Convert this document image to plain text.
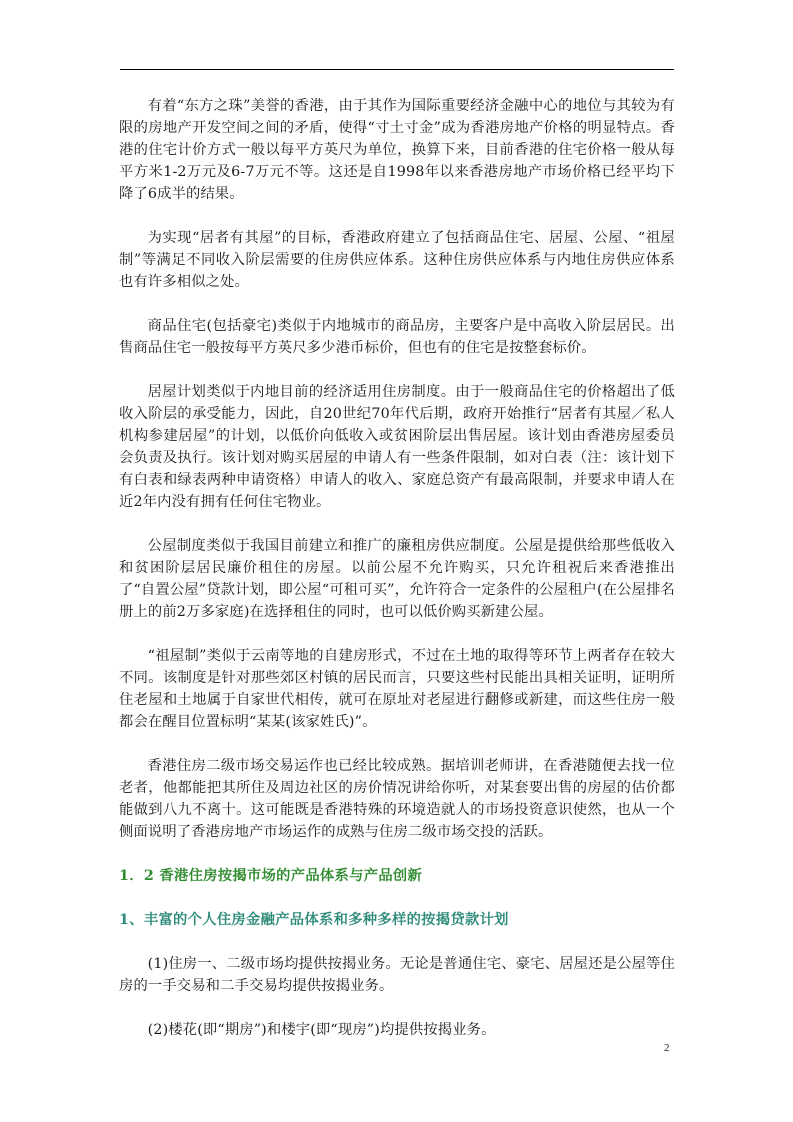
有着“东方之珠”美誉的香港，由于其作为国际重要经济金融中心的地位与其较为有限的房地产开发空间之间的矛盾，使得“寸土寸金”成为香港房地产价格的明显特点。香港的住宅计价方式一般以每平方英尺为单位，换算下来，目前香港的住宅价格一般从每平方米1-2万元及6-7万元不等。这还是自1998年以来香港房地产市场价格已经平均下降了6成半的结果。

为实现“居者有其屋”的目标，香港政府建立了包括商品住宅、居屋、公屋、“祖屋制”等满足不同收入阶层需要的住房供应体系。这种住房供应体系与内地住房供应体系也有许多相似之处。

商品住宅(包括豪宅)类似于内地城市的商品房，主要客户是中高收入阶层居民。出售商品住宅一般按每平方英尺多少港币标价，但也有的住宅是按整套标价。

居屋计划类似于内地目前的经济适用住房制度。由于一般商品住宅的价格超出了低收入阶层的承受能力，因此，自20世纪70年代后期，政府开始推行“居者有其屋／私人机构参建居屋”的计划，以低价向低收入或贫困阶层出售居屋。该计划由香港房屋委员会负责及执行。该计划对购买居屋的申请人有一些条件限制，如对白表（注：该计划下有白表和绿表两种申请资格）申请人的收入、家庭总资产有最高限制，并要求申请人在近2年内没有拥有任何住宅物业。

公屋制度类似于我国目前建立和推广的廉租房供应制度。公屋是提供给那些低收入和贫困阶层居民廉价租住的房屋。以前公屋不允许购买，只允许租祝后来香港推出了“自置公屋”贷款计划，即公屋“可租可买”，允许符合一定条件的公屋租户(在公屋排名册上的前2万多家庭)在选择租住的同时，也可以低价购买新建公屋。

“祖屋制”类似于云南等地的自建房形式，不过在土地的取得等环节上两者存在较大不同。该制度是针对那些郊区村镇的居民而言，只要这些村民能出具相关证明，证明所住老屋和土地属于自家世代相传，就可在原址对老屋进行翻修或新建，而这些住房一般都会在醒目位置标明“某某(该家姓氏)”。

香港住房二级市场交易运作也已经比较成熟。据培训老师讲，在香港随便去找一位老者，他都能把其所住及周边社区的房价情况讲给你听，对某套要出售的房屋的估价都能做到八九不离十。这可能既是香港特殊的环境造就人的市场投资意识使然，也从一个侧面说明了香港房地产市场运作的成熟与住房二级市场交投的活跃。

1．2 香港住房按揭市场的产品体系与产品创新
1、丰富的个人住房金融产品体系和多种多样的按揭贷款计划

(1)住房一、二级市场均提供按揭业务。无论是普通住宅、豪宅、居屋还是公屋等住房的一手交易和二手交易均提供按揭业务。

(2)楼花(即“期房”)和楼宇(即“现房”)均提供按揭业务。

2
